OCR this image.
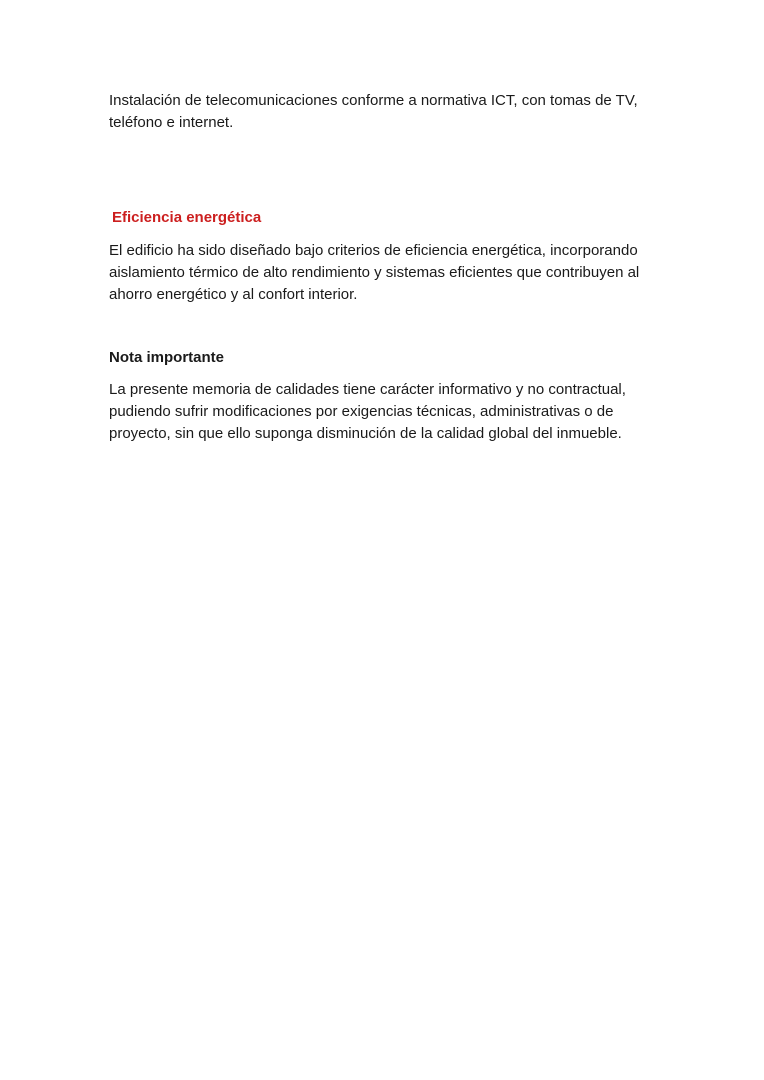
Instalación de telecomunicaciones conforme a normativa ICT, con tomas de TV, teléfono e internet.

Eficiencia energética

El edificio ha sido diseñado bajo criterios de eficiencia energética, incorporando aislamiento térmico de alto rendimiento y sistemas eficientes que contribuyen al ahorro energético y al confort interior.

Nota importante

La presente memoria de calidades tiene carácter informativo y no contractual, pudiendo sufrir modificaciones por exigencias técnicas, administrativas o de proyecto, sin que ello suponga disminución de la calidad global del inmueble.
